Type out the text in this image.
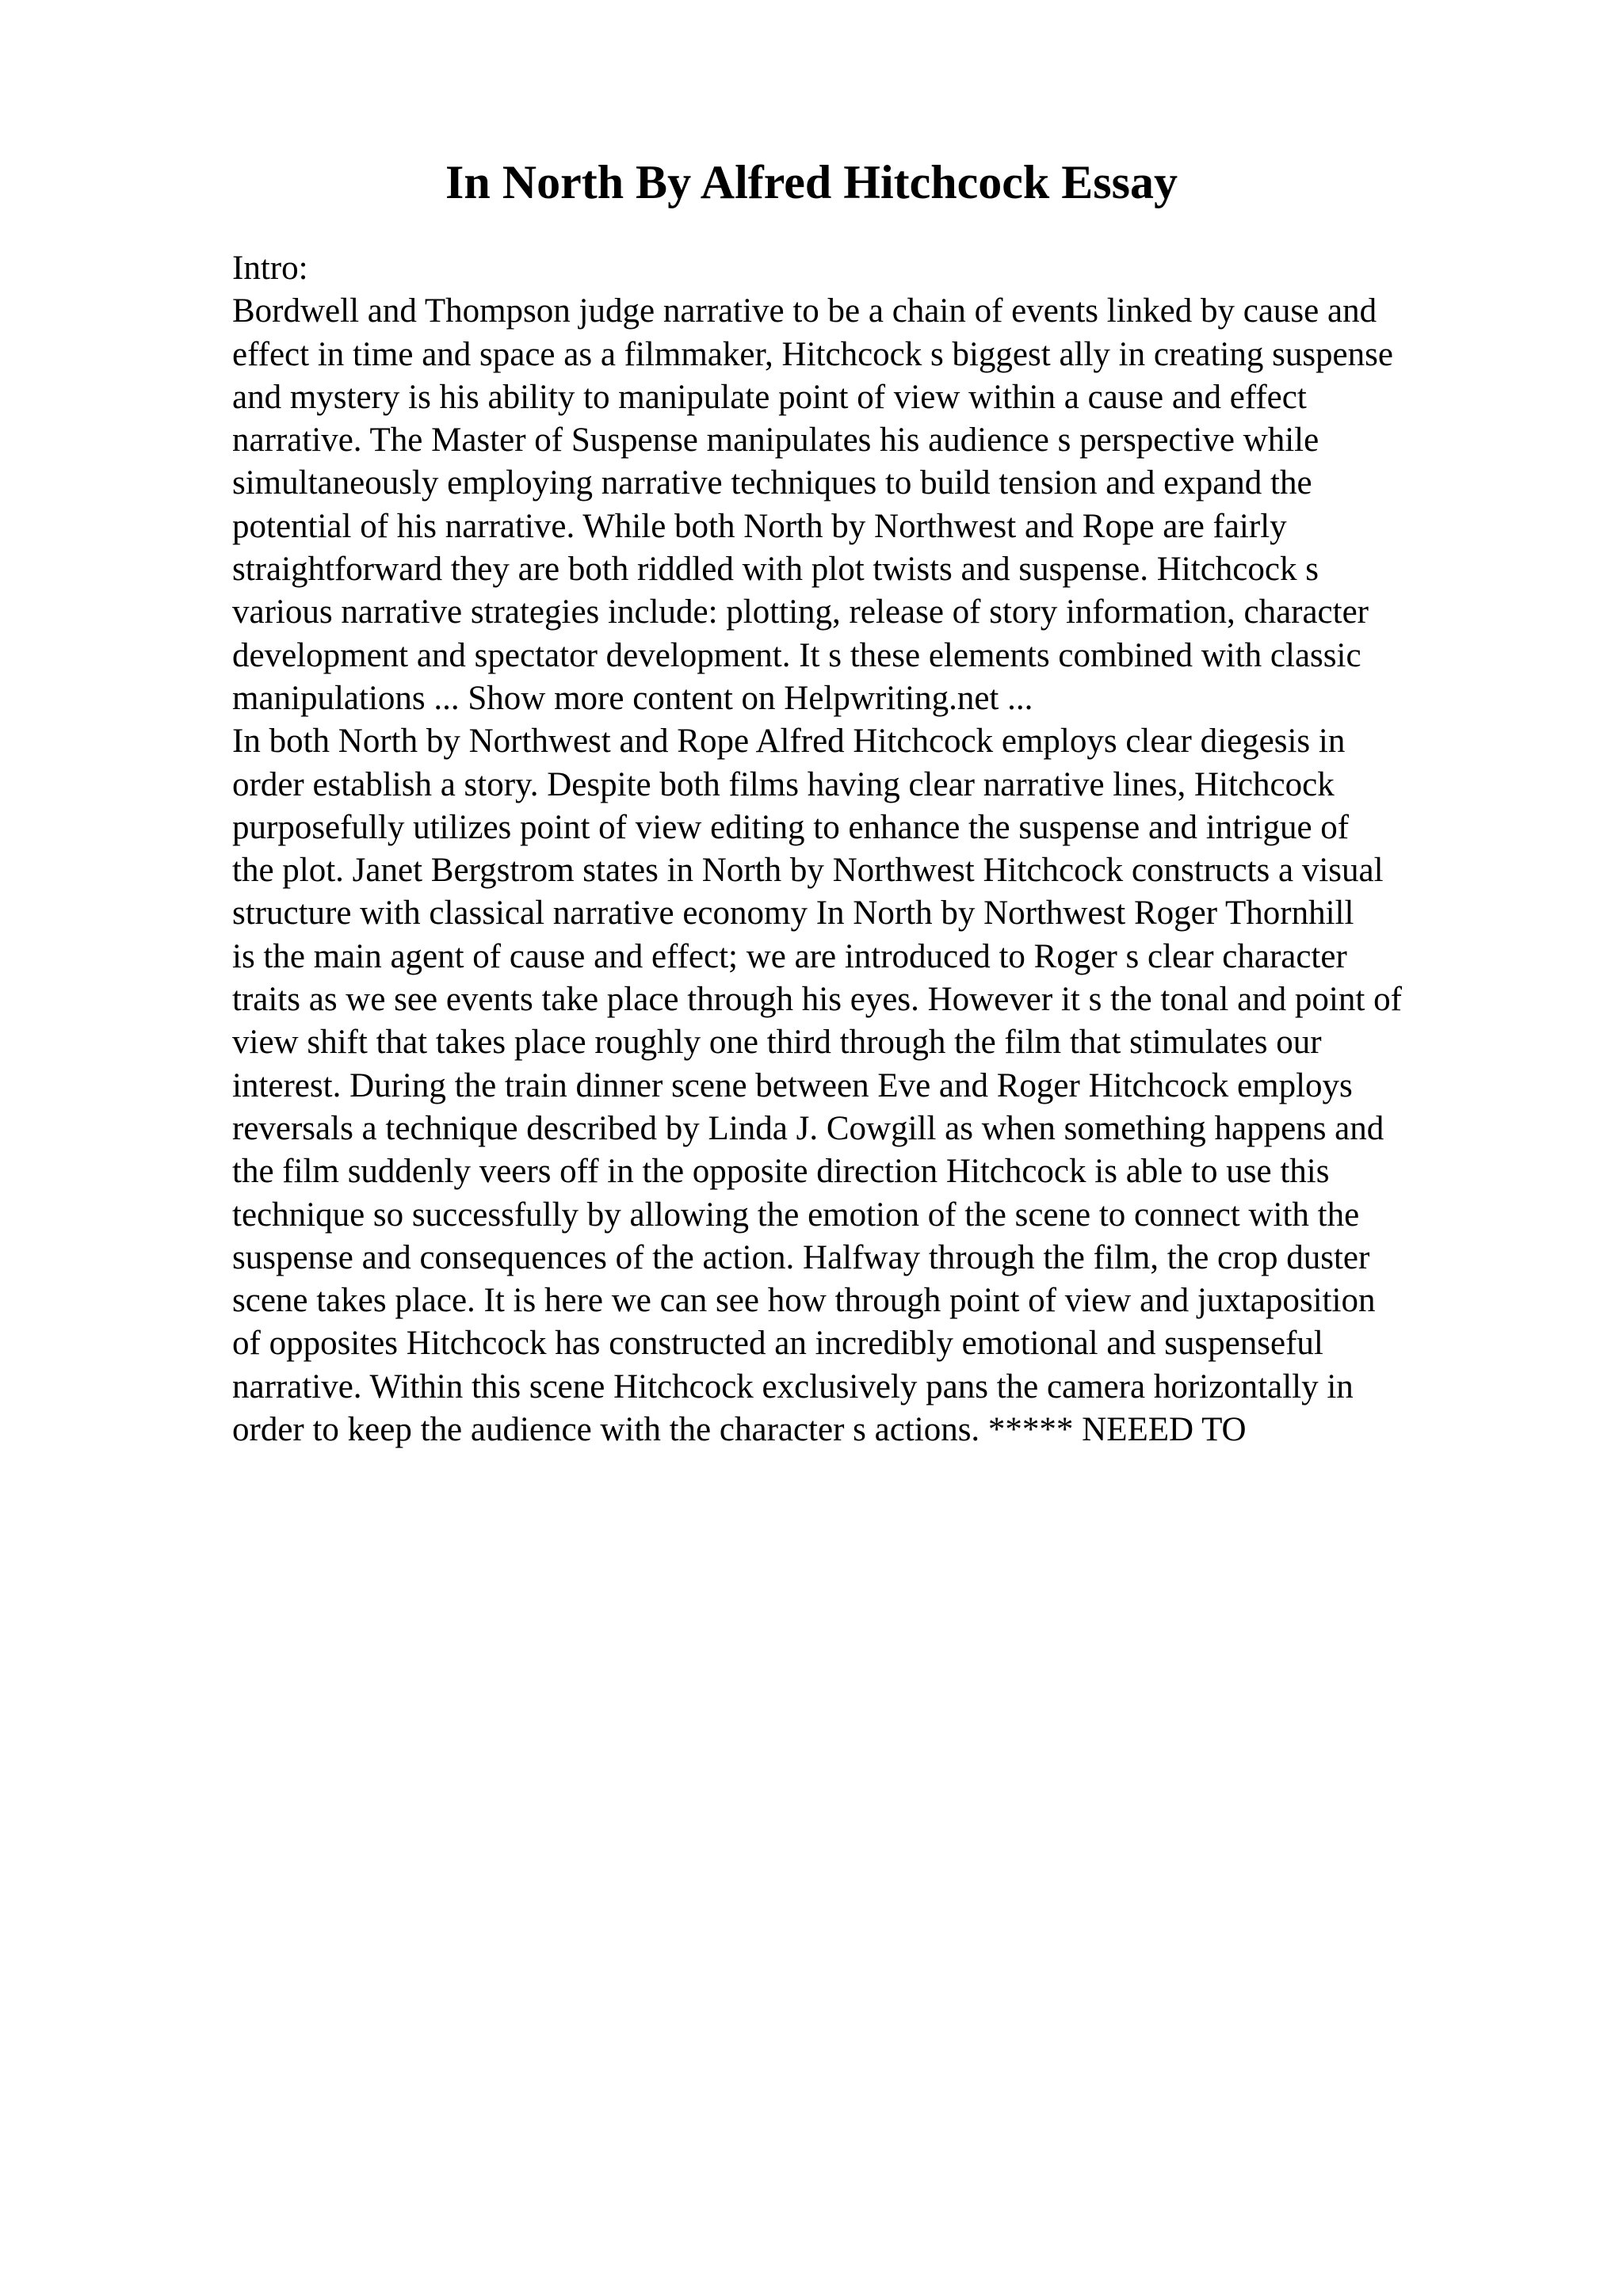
In North By Alfred Hitchcock Essay
Intro:
Bordwell and Thompson judge narrative to be a chain of events linked by cause and
effect in time and space as a filmmaker, Hitchcock s biggest ally in creating suspense
and mystery is his ability to manipulate point of view within a cause and effect
narrative. The Master of Suspense manipulates his audience s perspective while
simultaneously employing narrative techniques to build tension and expand the
potential of his narrative. While both North by Northwest and Rope are fairly
straightforward they are both riddled with plot twists and suspense. Hitchcock s
various narrative strategies include: plotting, release of story information, character
development and spectator development. It s these elements combined with classic
manipulations ... Show more content on Helpwriting.net ...
In both North by Northwest and Rope Alfred Hitchcock employs clear diegesis in
order establish a story. Despite both films having clear narrative lines, Hitchcock
purposefully utilizes point of view editing to enhance the suspense and intrigue of
the plot. Janet Bergstrom states in North by Northwest Hitchcock constructs a visual
structure with classical narrative economy In North by Northwest Roger Thornhill
is the main agent of cause and effect; we are introduced to Roger s clear character
traits as we see events take place through his eyes. However it s the tonal and point of
view shift that takes place roughly one third through the film that stimulates our
interest. During the train dinner scene between Eve and Roger Hitchcock employs
reversals a technique described by Linda J. Cowgill as when something happens and
the film suddenly veers off in the opposite direction Hitchcock is able to use this
technique so successfully by allowing the emotion of the scene to connect with the
suspense and consequences of the action. Halfway through the film, the crop duster
scene takes place. It is here we can see how through point of view and juxtaposition
of opposites Hitchcock has constructed an incredibly emotional and suspenseful
narrative. Within this scene Hitchcock exclusively pans the camera horizontally in
order to keep the audience with the character s actions. ***** NEEED TO
